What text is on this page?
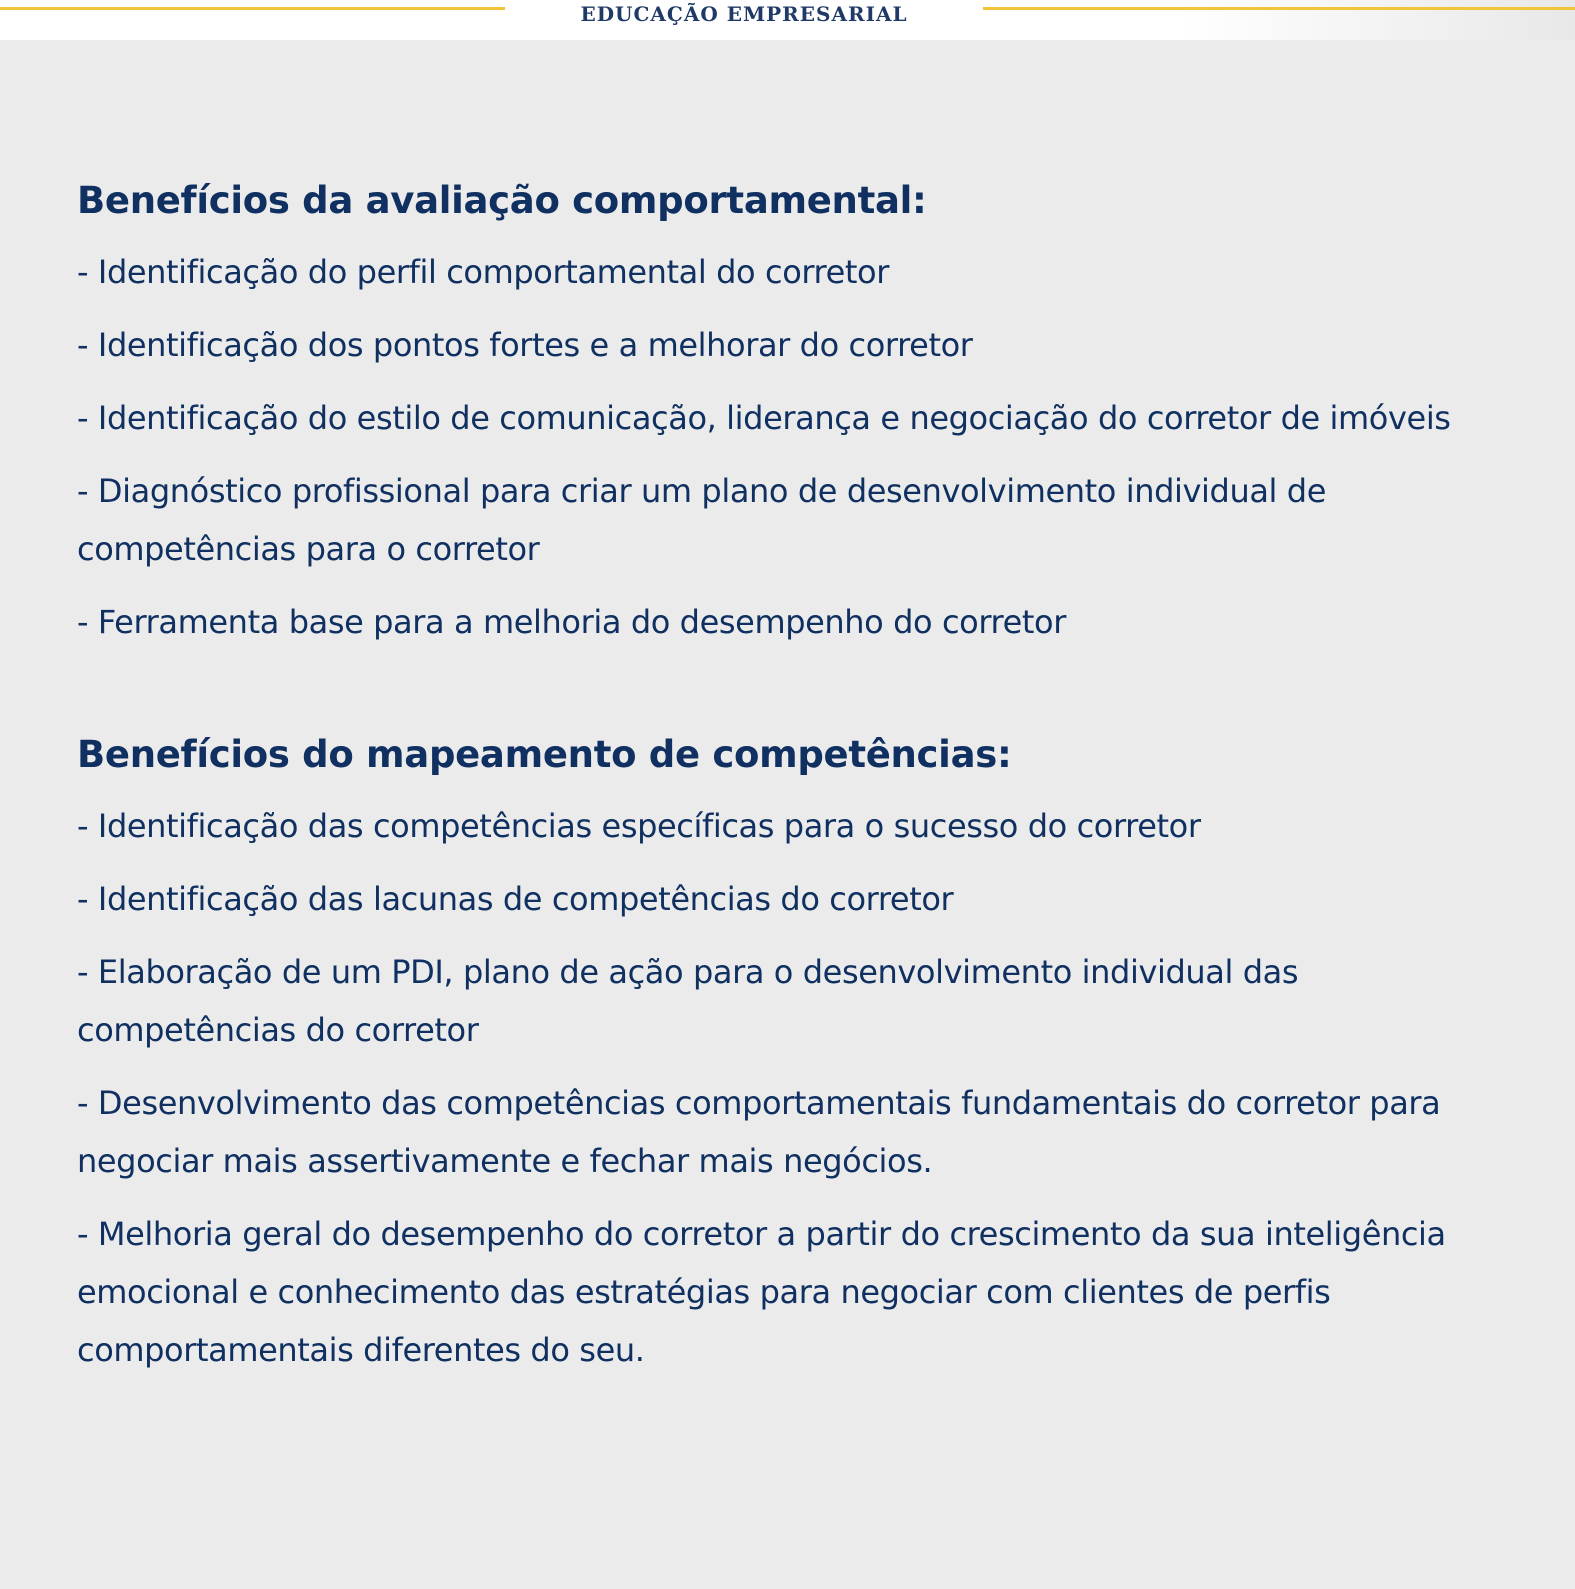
EDUCAÇÃO EMPRESARIAL
Benefícios da avaliação comportamental:

- Identificação do perfil comportamental do corretor

- Identificação dos pontos fortes e a melhorar do corretor

- Identificação do estilo de comunicação, liderança e negociação do corretor de imóveis

- Diagnóstico profissional para criar um plano de desenvolvimento individual de competências para o corretor

- Ferramenta base para a melhoria do desempenho do corretor

Benefícios do mapeamento de competências:

- Identificação das competências específicas para o sucesso do corretor

- Identificação das lacunas de competências do corretor

- Elaboração de um PDI, plano de ação para o desenvolvimento individual das competências do corretor

- Desenvolvimento das competências comportamentais fundamentais do corretor para negociar mais assertivamente e fechar mais negócios.

- Melhoria geral do desempenho do corretor a partir do crescimento da sua inteligência emocional e conhecimento das estratégias para negociar com clientes de perfis comportamentais diferentes do seu.
